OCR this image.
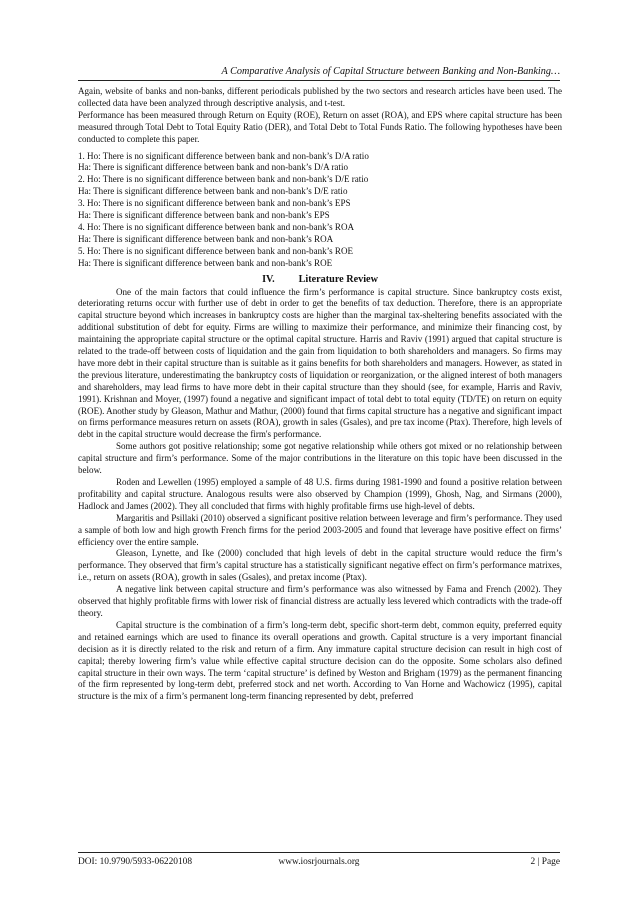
A Comparative Analysis of Capital Structure between Banking and Non-Banking…

Again, website of banks and non-banks, different periodicals published by the two sectors and research articles have been used. The collected data have been analyzed through descriptive analysis, and t-test.

Performance has been measured through Return on Equity (ROE), Return on asset (ROA), and EPS where capital structure has been measured through Total Debt to Total Equity Ratio (DER), and Total Debt to Total Funds Ratio. The following hypotheses have been conducted to complete this paper.

1. Ho: There is no significant difference between bank and non-bank’s D/A ratio

Ha: There is significant difference between bank and non-bank’s D/A ratio

2. Ho: There is no significant difference between bank and non-bank’s D/E ratio

Ha: There is significant difference between bank and non-bank’s D/E ratio

3. Ho: There is no significant difference between bank and non-bank’s EPS

Ha: There is significant difference between bank and non-bank’s EPS

4. Ho: There is no significant difference between bank and non-bank’s ROA

Ha: There is significant difference between bank and non-bank’s ROA

5. Ho: There is no significant difference between bank and non-bank’s ROE

Ha: There is significant difference between bank and non-bank’s ROE

IV. Literature Review

One of the main factors that could influence the firm’s performance is capital structure. Since bankruptcy costs exist, deteriorating returns occur with further use of debt in order to get the benefits of tax deduction. Therefore, there is an appropriate capital structure beyond which increases in bankruptcy costs are higher than the marginal tax-sheltering benefits associated with the additional substitution of debt for equity. Firms are willing to maximize their performance, and minimize their financing cost, by maintaining the appropriate capital structure or the optimal capital structure. Harris and Raviv (1991) argued that capital structure is related to the trade-off between costs of liquidation and the gain from liquidation to both shareholders and managers. So firms may have more debt in their capital structure than is suitable as it gains benefits for both shareholders and managers. However, as stated in the previous literature, underestimating the bankruptcy costs of liquidation or reorganization, or the aligned interest of both managers and shareholders, may lead firms to have more debt in their capital structure than they should (see, for example, Harris and Raviv, 1991). Krishnan and Moyer, (1997) found a negative and significant impact of total debt to total equity (TD/TE) on return on equity (ROE). Another study by Gleason, Mathur and Mathur, (2000) found that firms capital structure has a negative and significant impact on firms performance measures return on assets (ROA), growth in sales (Gsales), and pre tax income (Ptax). Therefore, high levels of debt in the capital structure would decrease the firm's performance.

Some authors got positive relationship; some got negative relationship while others got mixed or no relationship between capital structure and firm’s performance. Some of the major contributions in the literature on this topic have been discussed in the below.

Roden and Lewellen (1995) employed a sample of 48 U.S. firms during 1981-1990 and found a positive relation between profitability and capital structure. Analogous results were also observed by Champion (1999), Ghosh, Nag, and Sirmans (2000), Hadlock and James (2002). They all concluded that firms with highly profitable firms use high-level of debts.

Margaritis and Psillaki (2010) observed a significant positive relation between leverage and firm’s performance. They used a sample of both low and high growth French firms for the period 2003-2005 and found that leverage have positive effect on firms’ efficiency over the entire sample.

Gleason, Lynette, and Ike (2000) concluded that high levels of debt in the capital structure would reduce the firm’s performance. They observed that firm’s capital structure has a statistically significant negative effect on firm’s performance matrixes, i.e., return on assets (ROA), growth in sales (Gsales), and pretax income (Ptax).

A negative link between capital structure and firm’s performance was also witnessed by Fama and French (2002). They observed that highly profitable firms with lower risk of financial distress are actually less levered which contradicts with the trade-off theory.

Capital structure is the combination of a firm’s long-term debt, specific short-term debt, common equity, preferred equity and retained earnings which are used to finance its overall operations and growth. Capital structure is a very important financial decision as it is directly related to the risk and return of a firm. Any immature capital structure decision can result in high cost of capital; thereby lowering firm’s value while effective capital structure decision can do the opposite. Some scholars also defined capital structure in their own ways. The term ‘capital structure’ is defined by Weston and Brigham (1979) as the permanent financing of the firm represented by long-term debt, preferred stock and net worth. According to Van Horne and Wachowicz (1995), capital structure is the mix of a firm’s permanent long-term financing represented by debt, preferred

DOI: 10.9790/5933-06220108	www.iosrjournals.org	2 | Page
